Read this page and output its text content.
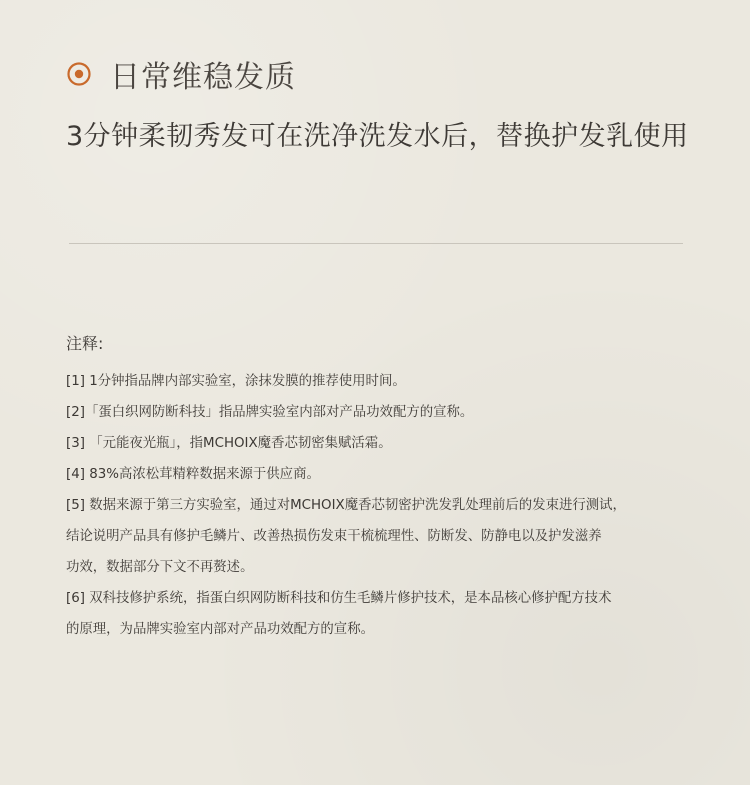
日常维稳发质
3分钟柔韧秀发可在洗净洗发水后，替换护发乳使用
注释:
[1] 1分钟指品牌内部实验室，涂抹发膜的推荐使用时间。
[2]「蛋白织网防断科技」指品牌实验室内部对产品功效配方的宣称。
[3] 「元能夜光瓶」，指MCHOIX魔香芯韧密集赋活霜。
[4] 83%高浓松茸精粹数据来源于供应商。
[5] 数据来源于第三方实验室，通过对MCHOIX魔香芯韧密护洗发乳处理前后的发束进行测试，
结论说明产品具有修护毛鳞片、改善热损伤发束干梳梳理性、防断发、防静电以及护发滋养
功效，数据部分下文不再赘述。
[6] 双科技修护系统，指蛋白织网防断科技和仿生毛鳞片修护技术，是本品核心修护配方技术
的原理，为品牌实验室内部对产品功效配方的宣称。
